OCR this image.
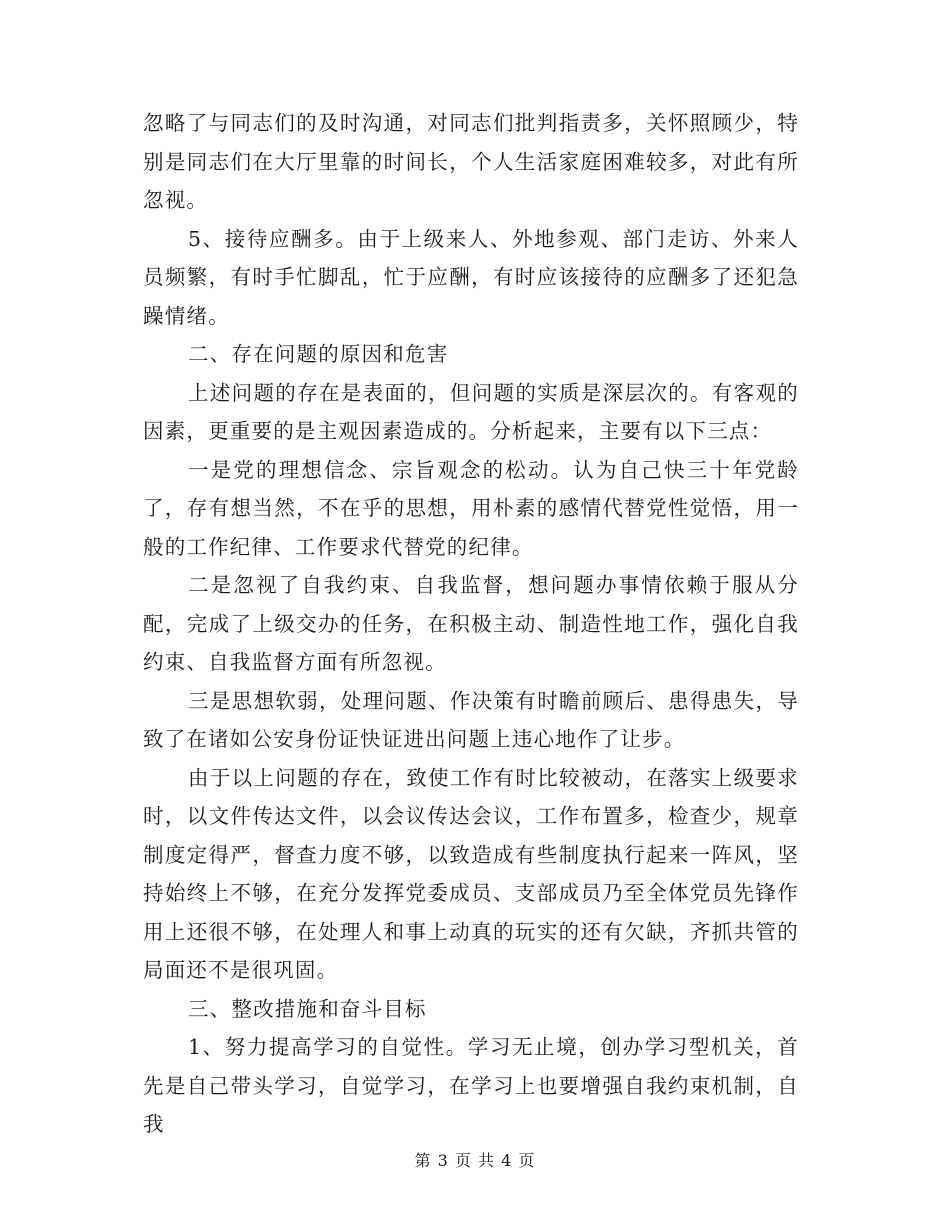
忽略了与同志们的及时沟通，对同志们批判指责多，关怀照顾少，特别是同志们在大厅里靠的时间长，个人生活家庭困难较多，对此有所忽视。

5、接待应酬多。由于上级来人、外地参观、部门走访、外来人员频繁，有时手忙脚乱，忙于应酬，有时应该接待的应酬多了还犯急躁情绪。

二、存在问题的原因和危害

上述问题的存在是表面的，但问题的实质是深层次的。有客观的因素，更重要的是主观因素造成的。分析起来，主要有以下三点：

一是党的理想信念、宗旨观念的松动。认为自己快三十年党龄了，存有想当然，不在乎的思想，用朴素的感情代替党性觉悟，用一般的工作纪律、工作要求代替党的纪律。

二是忽视了自我约束、自我监督，想问题办事情依赖于服从分配，完成了上级交办的任务，在积极主动、制造性地工作，强化自我约束、自我监督方面有所忽视。

三是思想软弱，处理问题、作决策有时瞻前顾后、患得患失，导致了在诸如公安身份证快证进出问题上违心地作了让步。

由于以上问题的存在，致使工作有时比较被动，在落实上级要求时，以文件传达文件，以会议传达会议，工作布置多，检查少，规章制度定得严，督查力度不够，以致造成有些制度执行起来一阵风，坚持始终上不够，在充分发挥党委成员、支部成员乃至全体党员先锋作用上还很不够，在处理人和事上动真的玩实的还有欠缺，齐抓共管的局面还不是很巩固。

三、整改措施和奋斗目标

1、努力提高学习的自觉性。学习无止境，创办学习型机关，首先是自己带头学习，自觉学习，在学习上也要增强自我约束机制，自我

第 3 页 共 4 页
